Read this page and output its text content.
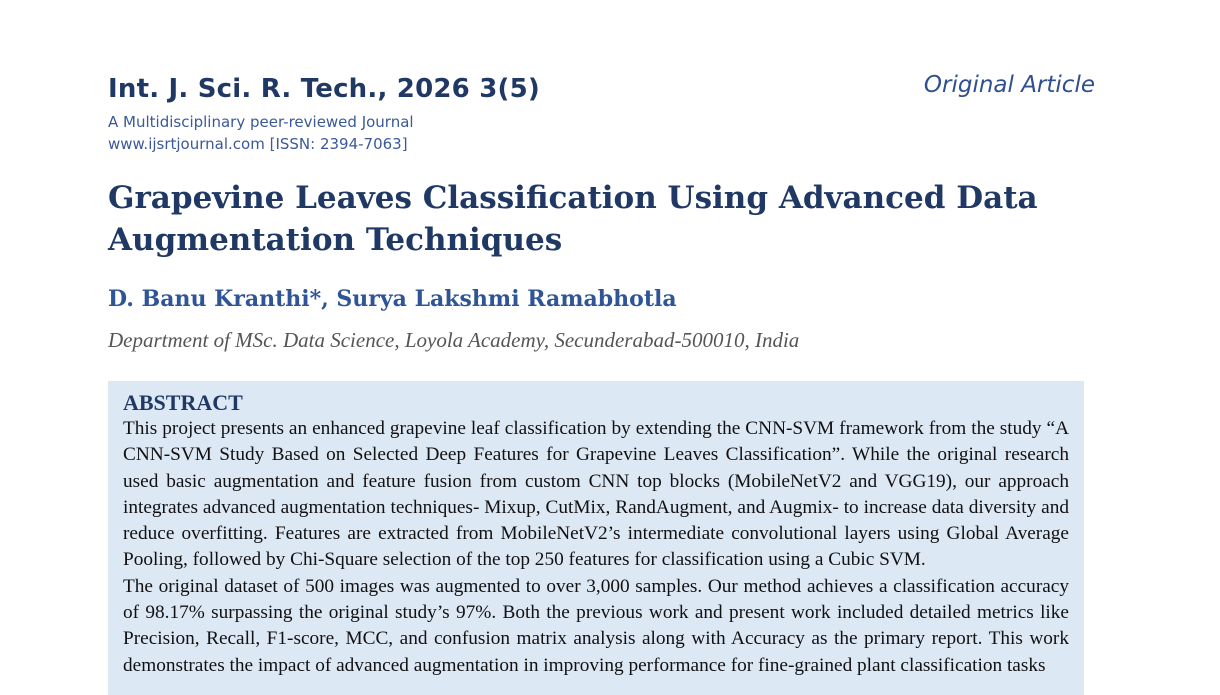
Int. J. Sci. R. Tech., 2026 3(5)	Original Article
A Multidisciplinary peer-reviewed Journal
www.ijsrtjournal.com [ISSN: 2394-7063]
Grapevine Leaves Classification Using Advanced Data Augmentation Techniques
D. Banu Kranthi*, Surya Lakshmi Ramabhotla
Department of MSc. Data Science, Loyola Academy, Secunderabad-500010, India
ABSTRACT

This project presents an enhanced grapevine leaf classification by extending the CNN-SVM framework from the study “A CNN-SVM Study Based on Selected Deep Features for Grapevine Leaves Classification”. While the original research used basic augmentation and feature fusion from custom CNN top blocks (MobileNetV2 and VGG19), our approach integrates advanced augmentation techniques- Mixup, CutMix, RandAugment, and Augmix- to increase data diversity and reduce overfitting. Features are extracted from MobileNetV2’s intermediate convolutional layers using Global Average Pooling, followed by Chi-Square selection of the top 250 features for classification using a Cubic SVM.

The original dataset of 500 images was augmented to over 3,000 samples. Our method achieves a classification accuracy of 98.17% surpassing the original study’s 97%. Both the previous work and present work included detailed metrics like Precision, Recall, F1-score, MCC, and confusion matrix analysis along with Accuracy as the primary report. This work demonstrates the impact of advanced augmentation in improving performance for fine-grained plant classification tasks
